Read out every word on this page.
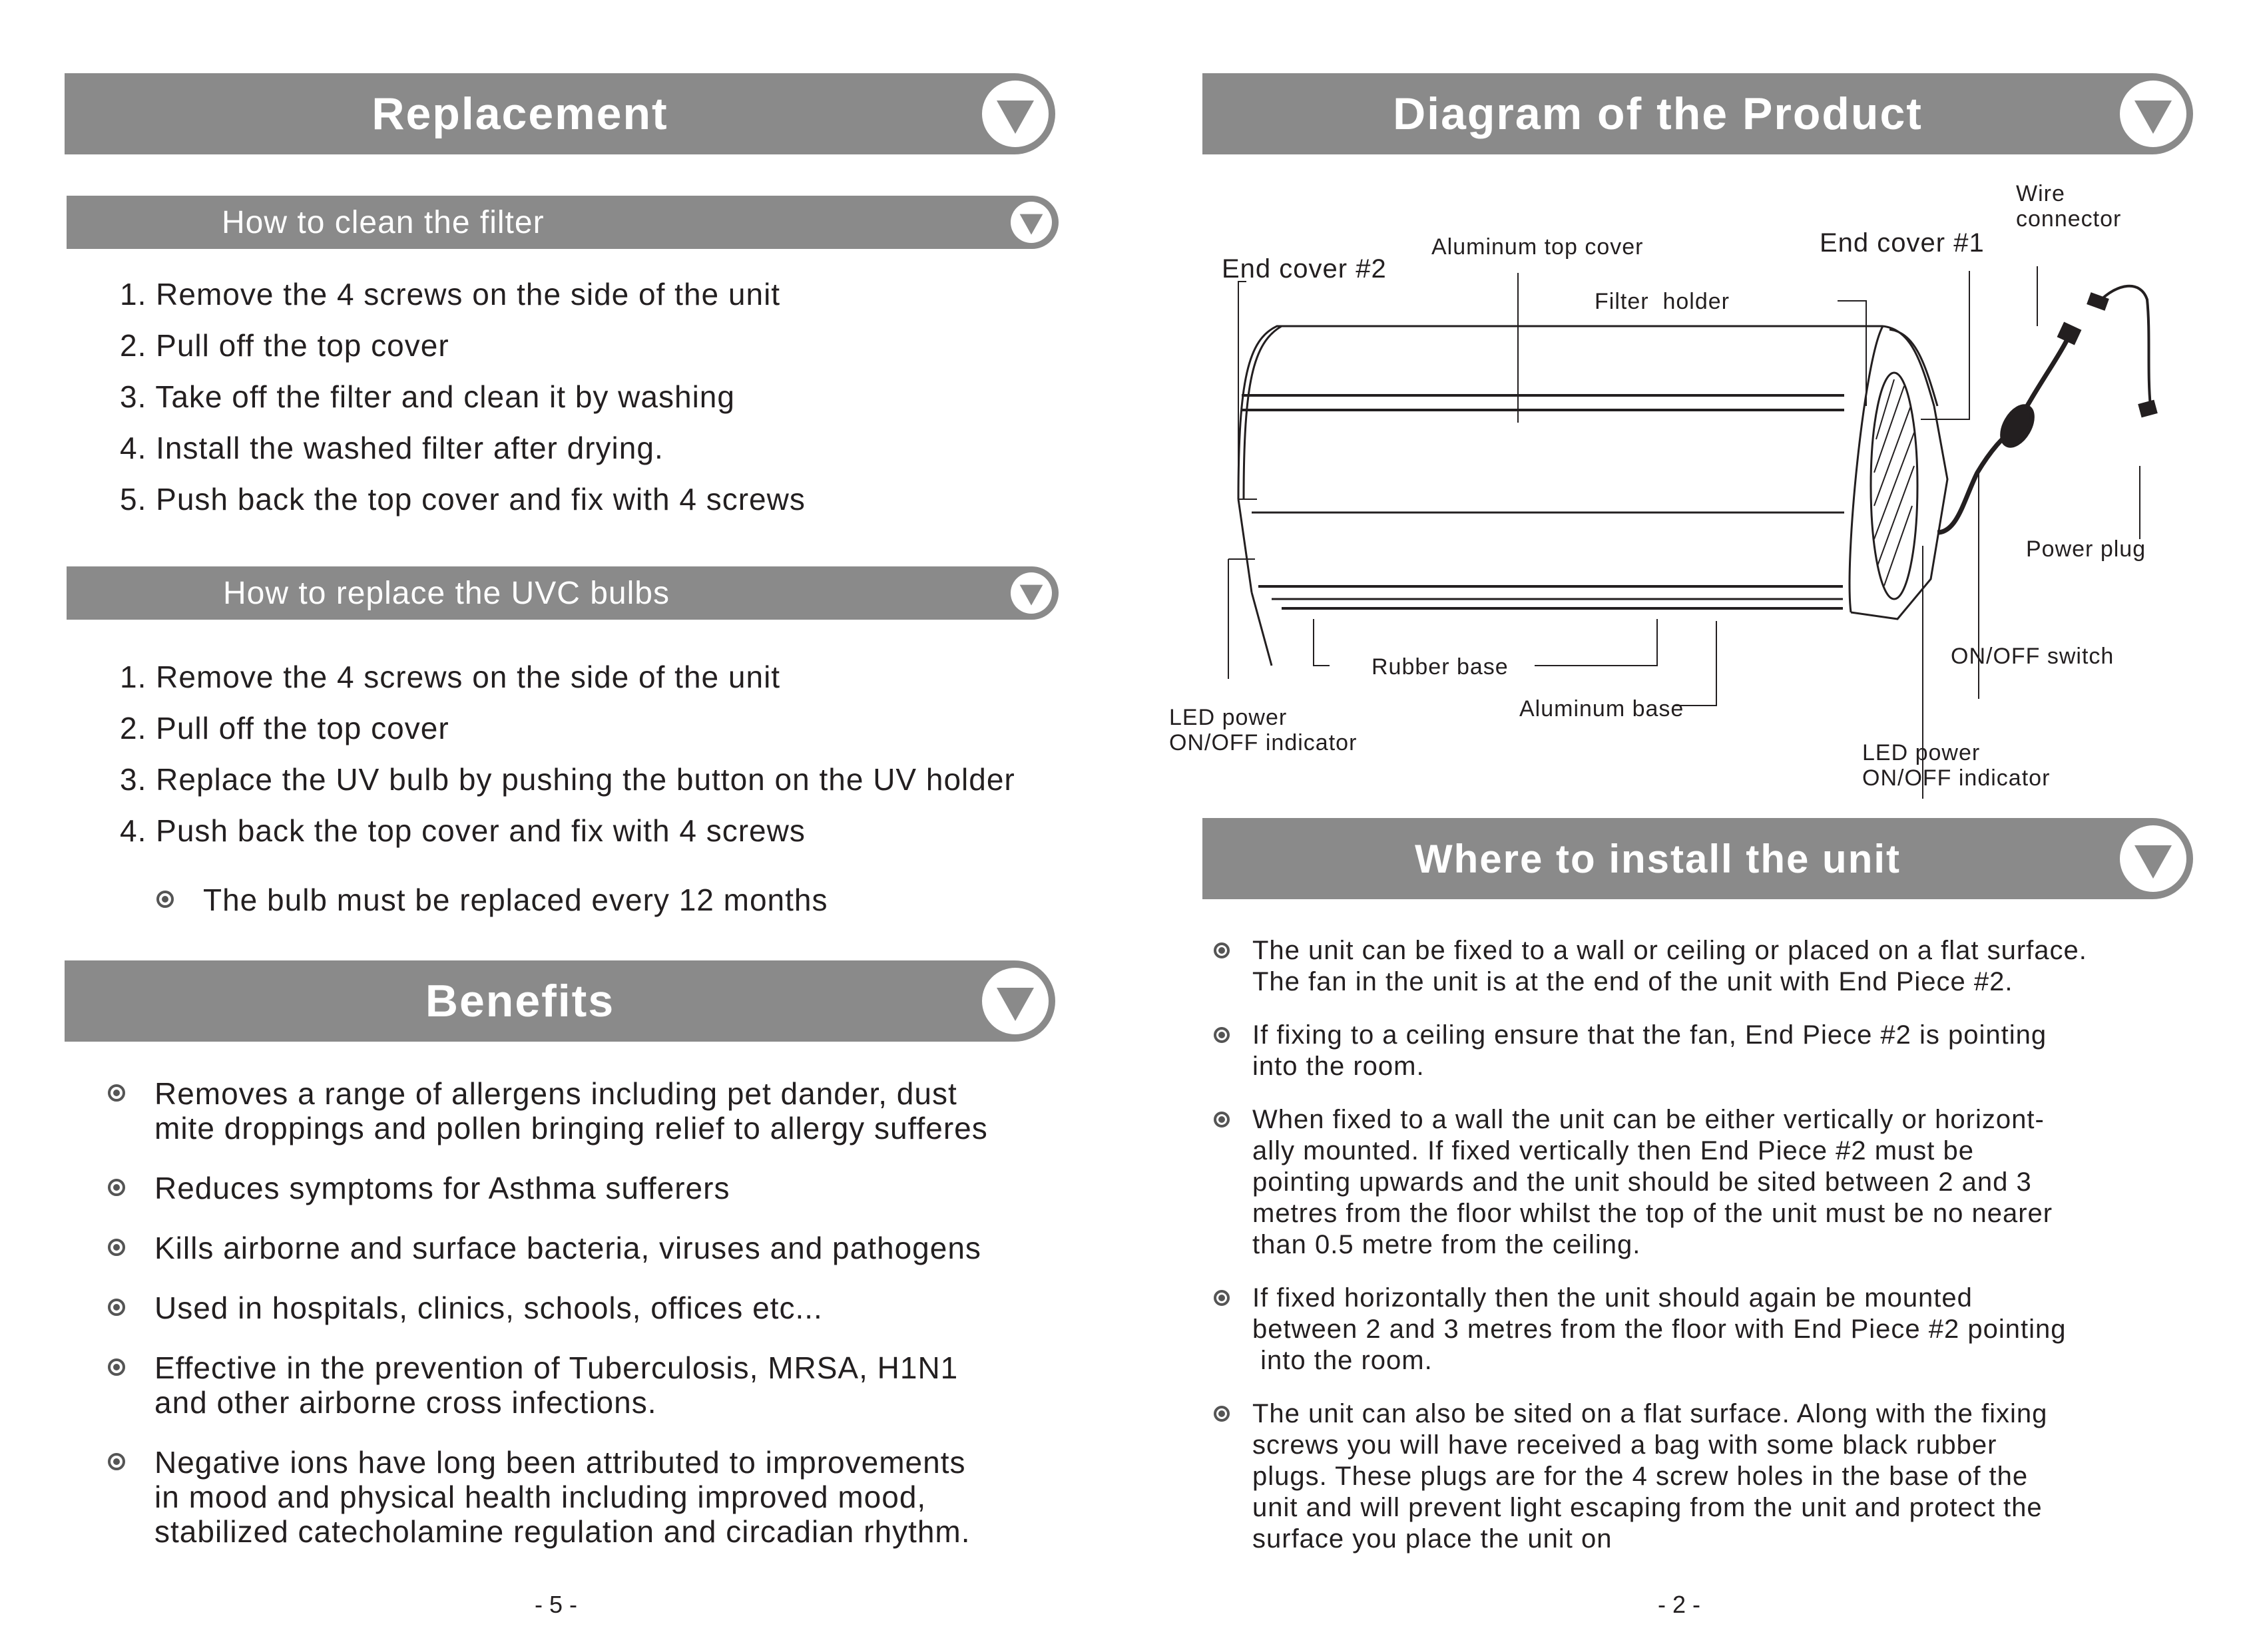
Replacement
How to clean the filter
1. Remove the 4 screws on the side of the unit
2. Pull off the top cover
3. Take off the filter and clean it by washing
4. Install the washed filter after drying.
5. Push back the top cover and fix with 4 screws
How to replace the UVC bulbs
1. Remove the 4 screws on the side of the unit
2. Pull off the top cover
3. Replace the UV bulb by pushing the button on the UV holder
4. Push back the top cover and fix with 4 screws
The bulb must be replaced every 12 months
Benefits
Removes a range of allergens including pet dander, dust
mite droppings and pollen bringing relief to allergy sufferes
Reduces symptoms for Asthma sufferers
Kills airborne and surface bacteria, viruses and pathogens
Used in hospitals, clinics, schools, offices etc...
Effective in the prevention of Tuberculosis, MRSA, H1N1
and other airborne cross infections.
Negative ions have long been attributed to improvements
in mood and physical health including improved mood,
stabilized catecholamine regulation and circadian rhythm.
- 5 -
Diagram of the Product
End cover #2
Aluminum top cover
Filter  holder
End cover #1
Wire
connector
Power plug
ON/OFF switch
Rubber base
Aluminum base
LED power
ON/OFF indicator	LED power
ON/OFF indicator
Where to install the unit
The unit can be fixed to a wall or ceiling or placed on a flat surface.
The fan in the unit is at the end of the unit with End Piece #2.
If fixing to a ceiling ensure that the fan, End Piece #2 is pointing
into the room.
When fixed to a wall the unit can be either vertically or horizont-
ally mounted. If fixed vertically then End Piece #2 must be
pointing upwards and the unit should be sited between 2 and 3
metres from the floor whilst the top of the unit must be no nearer
than 0.5 metre from the ceiling.
If fixed horizontally then the unit should again be mounted
between 2 and 3 metres from the floor with End Piece #2 pointing
into the room.
The unit can also be sited on a flat surface. Along with the fixing
screws you will have received a bag with some black rubber
plugs. These plugs are for the 4 screw holes in the base of the
unit and will prevent light escaping from the unit and protect the
surface you place the unit on
- 2 -
